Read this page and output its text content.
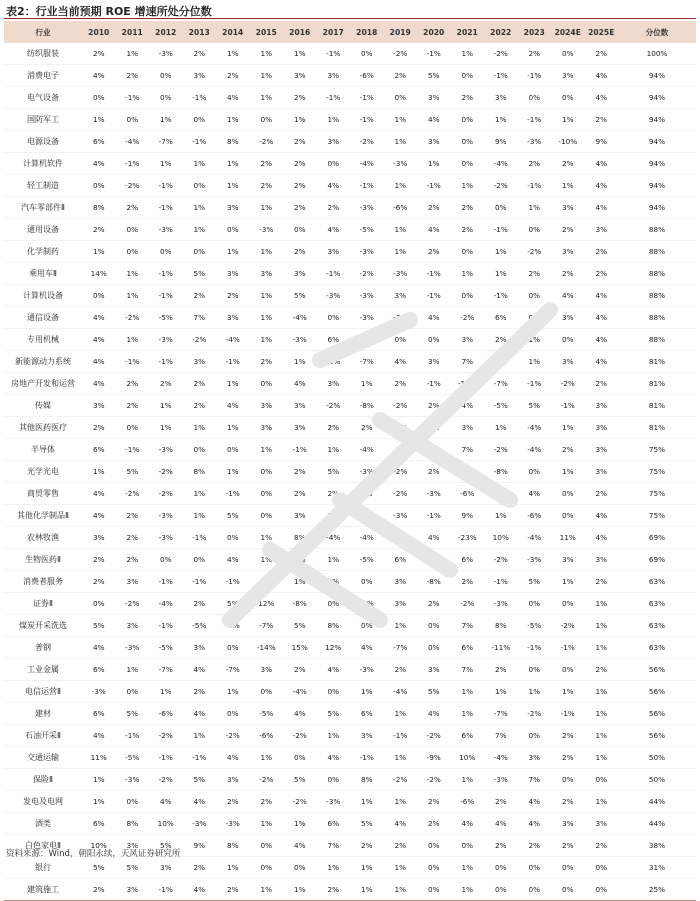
表2：行业当前预期 ROE 增速所处分位数
行业	2010	2011	2012	2013	2014	2015	2016	2017	2018	2019	2020	2021	2022	2023	2024E	2025E	分位数
纺织服装	2%	1%	-3%	2%	1%	1%	1%	-1%	0%	-2%	-1%	1%	-2%	2%	0%	2%	100%
消费电子	4%	2%	0%	3%	2%	1%	3%	3%	-6%	2%	5%	0%	-1%	-1%	3%	4%	94%
电气设备	0%	-1%	0%	-1%	4%	1%	2%	-1%	-1%	0%	3%	2%	3%	0%	0%	4%	94%
国防军工	1%	0%	1%	0%	1%	0%	1%	1%	-1%	1%	4%	0%	1%	-1%	1%	2%	94%
电源设备	6%	-4%	-7%	-1%	8%	-2%	2%	3%	-2%	1%	3%	0%	9%	-3%	-10%	9%	94%
计算机软件	4%	-1%	1%	1%	1%	2%	2%	0%	-4%	-3%	1%	0%	-4%	2%	2%	4%	94%
轻工制造	0%	-2%	-1%	0%	1%	2%	2%	4%	-1%	1%	-1%	1%	-2%	-1%	1%	4%	94%
汽车零部件Ⅱ	8%	2%	-1%	1%	3%	1%	2%	2%	-3%	-6%	2%	2%	0%	1%	3%	4%	94%
通用设备	2%	0%	-3%	1%	0%	-3%	0%	4%	-5%	1%	4%	2%	-1%	0%	2%	3%	88%
化学制药	1%	0%	0%	0%	1%	1%	2%	3%	-3%	1%	2%	0%	1%	-2%	3%	2%	88%
乘用车Ⅱ	14%	1%	-1%	5%	3%	3%	3%	-1%	-2%	-3%	-1%	1%	1%	2%	2%	2%	88%
计算机设备	0%	1%	-1%	2%	2%	1%	5%	-3%	-3%	3%	-1%	0%	-1%	0%	4%	4%	88%
通信设备	4%	-2%	-5%	7%	3%	1%	-4%	0%	-3%	-3%	4%	-2%	6%	0%	3%	4%	88%
专用机械	4%	1%	-3%	-2%	-4%	1%	-3%	6%	-5%	0%	0%	3%	2%	1%	0%	4%	88%
新能源动力系统	4%	-1%	-1%	3%	-1%	2%	1%	-1%	-7%	4%	3%	7%	6%	1%	3%	4%	81%
房地产开发和运营	4%	2%	2%	2%	1%	0%	4%	3%	1%	2%	-1%	-10%	-7%	-1%	-2%	2%	81%
传媒	3%	2%	1%	2%	4%	3%	3%	-2%	-8%	-2%	2%	4%	-5%	5%	-1%	3%	81%
其他医药医疗	2%	0%	1%	1%	1%	3%	3%	2%	2%	-1%	9%	3%	1%	-4%	1%	3%	81%
半导体	6%	-1%	-3%	0%	0%	1%	-1%	1%	-4%	4%	4%	7%	-2%	-4%	2%	3%	75%
光学光电	1%	5%	-2%	8%	1%	0%	2%	5%	-3%	-2%	2%	6%	-8%	0%	1%	3%	75%
商贸零售	4%	-2%	-2%	1%	-1%	0%	2%	2%	0%	-2%	-3%	-6%	2%	4%	0%	2%	75%
其他化学制品Ⅱ	4%	2%	-3%	1%	5%	0%	3%	5%	2%	-3%	-1%	9%	1%	-6%	0%	4%	75%
农林牧渔	3%	2%	-3%	-1%	0%	1%	8%	-4%	-4%	11%	4%	-23%	10%	-4%	11%	4%	69%
生物医药Ⅱ	2%	2%	0%	0%	4%	1%	3%	1%	-5%	6%	4%	6%	-2%	-3%	3%	3%	69%
消费者服务	2%	3%	-1%	-1%	-1%	2%	1%	3%	0%	3%	-8%	2%	-1%	5%	1%	2%	63%
证券Ⅱ	0%	-2%	-4%	2%	5%	12%	-8%	0%	-3%	3%	2%	-2%	-3%	0%	0%	1%	63%
煤炭开采洗选	5%	3%	-1%	-5%	-3%	-7%	5%	8%	0%	1%	0%	7%	8%	-5%	-2%	1%	63%
普钢	4%	-3%	-5%	3%	0%	-14%	15%	12%	4%	-7%	0%	6%	-11%	-1%	-1%	1%	63%
工业金属	6%	1%	-7%	4%	-7%	3%	2%	4%	-3%	2%	3%	7%	2%	0%	0%	2%	56%
电信运营Ⅱ	-3%	0%	1%	2%	1%	0%	-4%	0%	1%	-4%	5%	1%	1%	1%	1%	1%	56%
建材	6%	5%	-6%	4%	0%	-5%	4%	5%	6%	1%	4%	1%	-7%	-2%	-1%	1%	56%
石油开采Ⅱ	4%	-1%	-2%	1%	-2%	-6%	-2%	1%	3%	-1%	-2%	6%	7%	0%	2%	1%	56%
交通运输	11%	-5%	-1%	-1%	4%	1%	0%	4%	-1%	1%	-9%	10%	-4%	3%	2%	1%	50%
保险Ⅱ	1%	-3%	-2%	5%	3%	-2%	5%	0%	8%	-2%	-2%	1%	-3%	7%	0%	0%	50%
发电及电网	1%	0%	4%	4%	2%	2%	-2%	-3%	1%	1%	2%	-6%	2%	4%	2%	1%	44%
酒类	6%	8%	10%	-3%	-3%	1%	1%	6%	5%	4%	2%	4%	4%	4%	3%	3%	44%
白色家电Ⅱ	10%	3%	5%	9%	8%	0%	4%	7%	2%	2%	0%	0%	2%	2%	2%	2%	38%
银行	5%	5%	3%	2%	1%	0%	0%	1%	1%	1%	0%	1%	0%	0%	0%	0%	31%
建筑施工	2%	3%	-1%	4%	2%	1%	1%	2%	1%	1%	0%	1%	0%	0%	0%	0%	25%
资料来源：Wind，朝阳永续，天风证券研究所
